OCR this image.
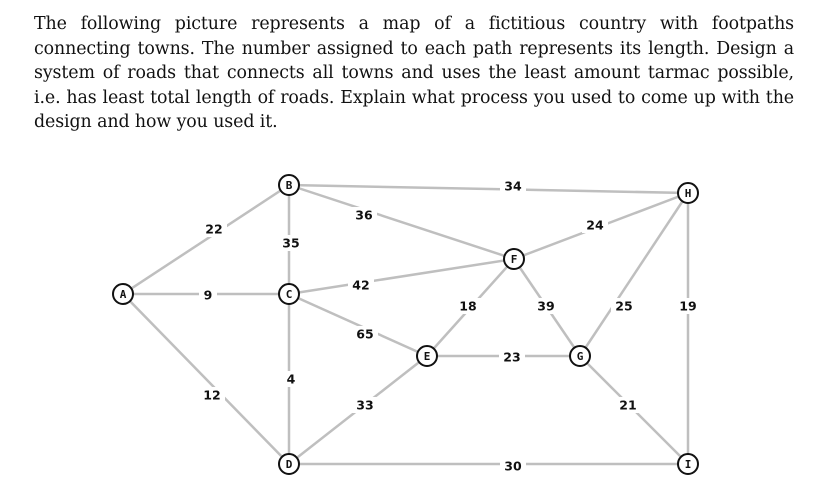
The following picture represents a map of a fictitious country with footpaths connecting towns. The number assigned to each path represents its length. Design a system of roads that connects all towns and uses the least amount tarmac possible, i.e. has least total length of roads. Explain what process you used to come up with the design and how you used it.

22
9
12
35
36
34
42
65
4
33
30
18
23
24
39	25
21
19
A
B
C
D
E
F
G
H
I
